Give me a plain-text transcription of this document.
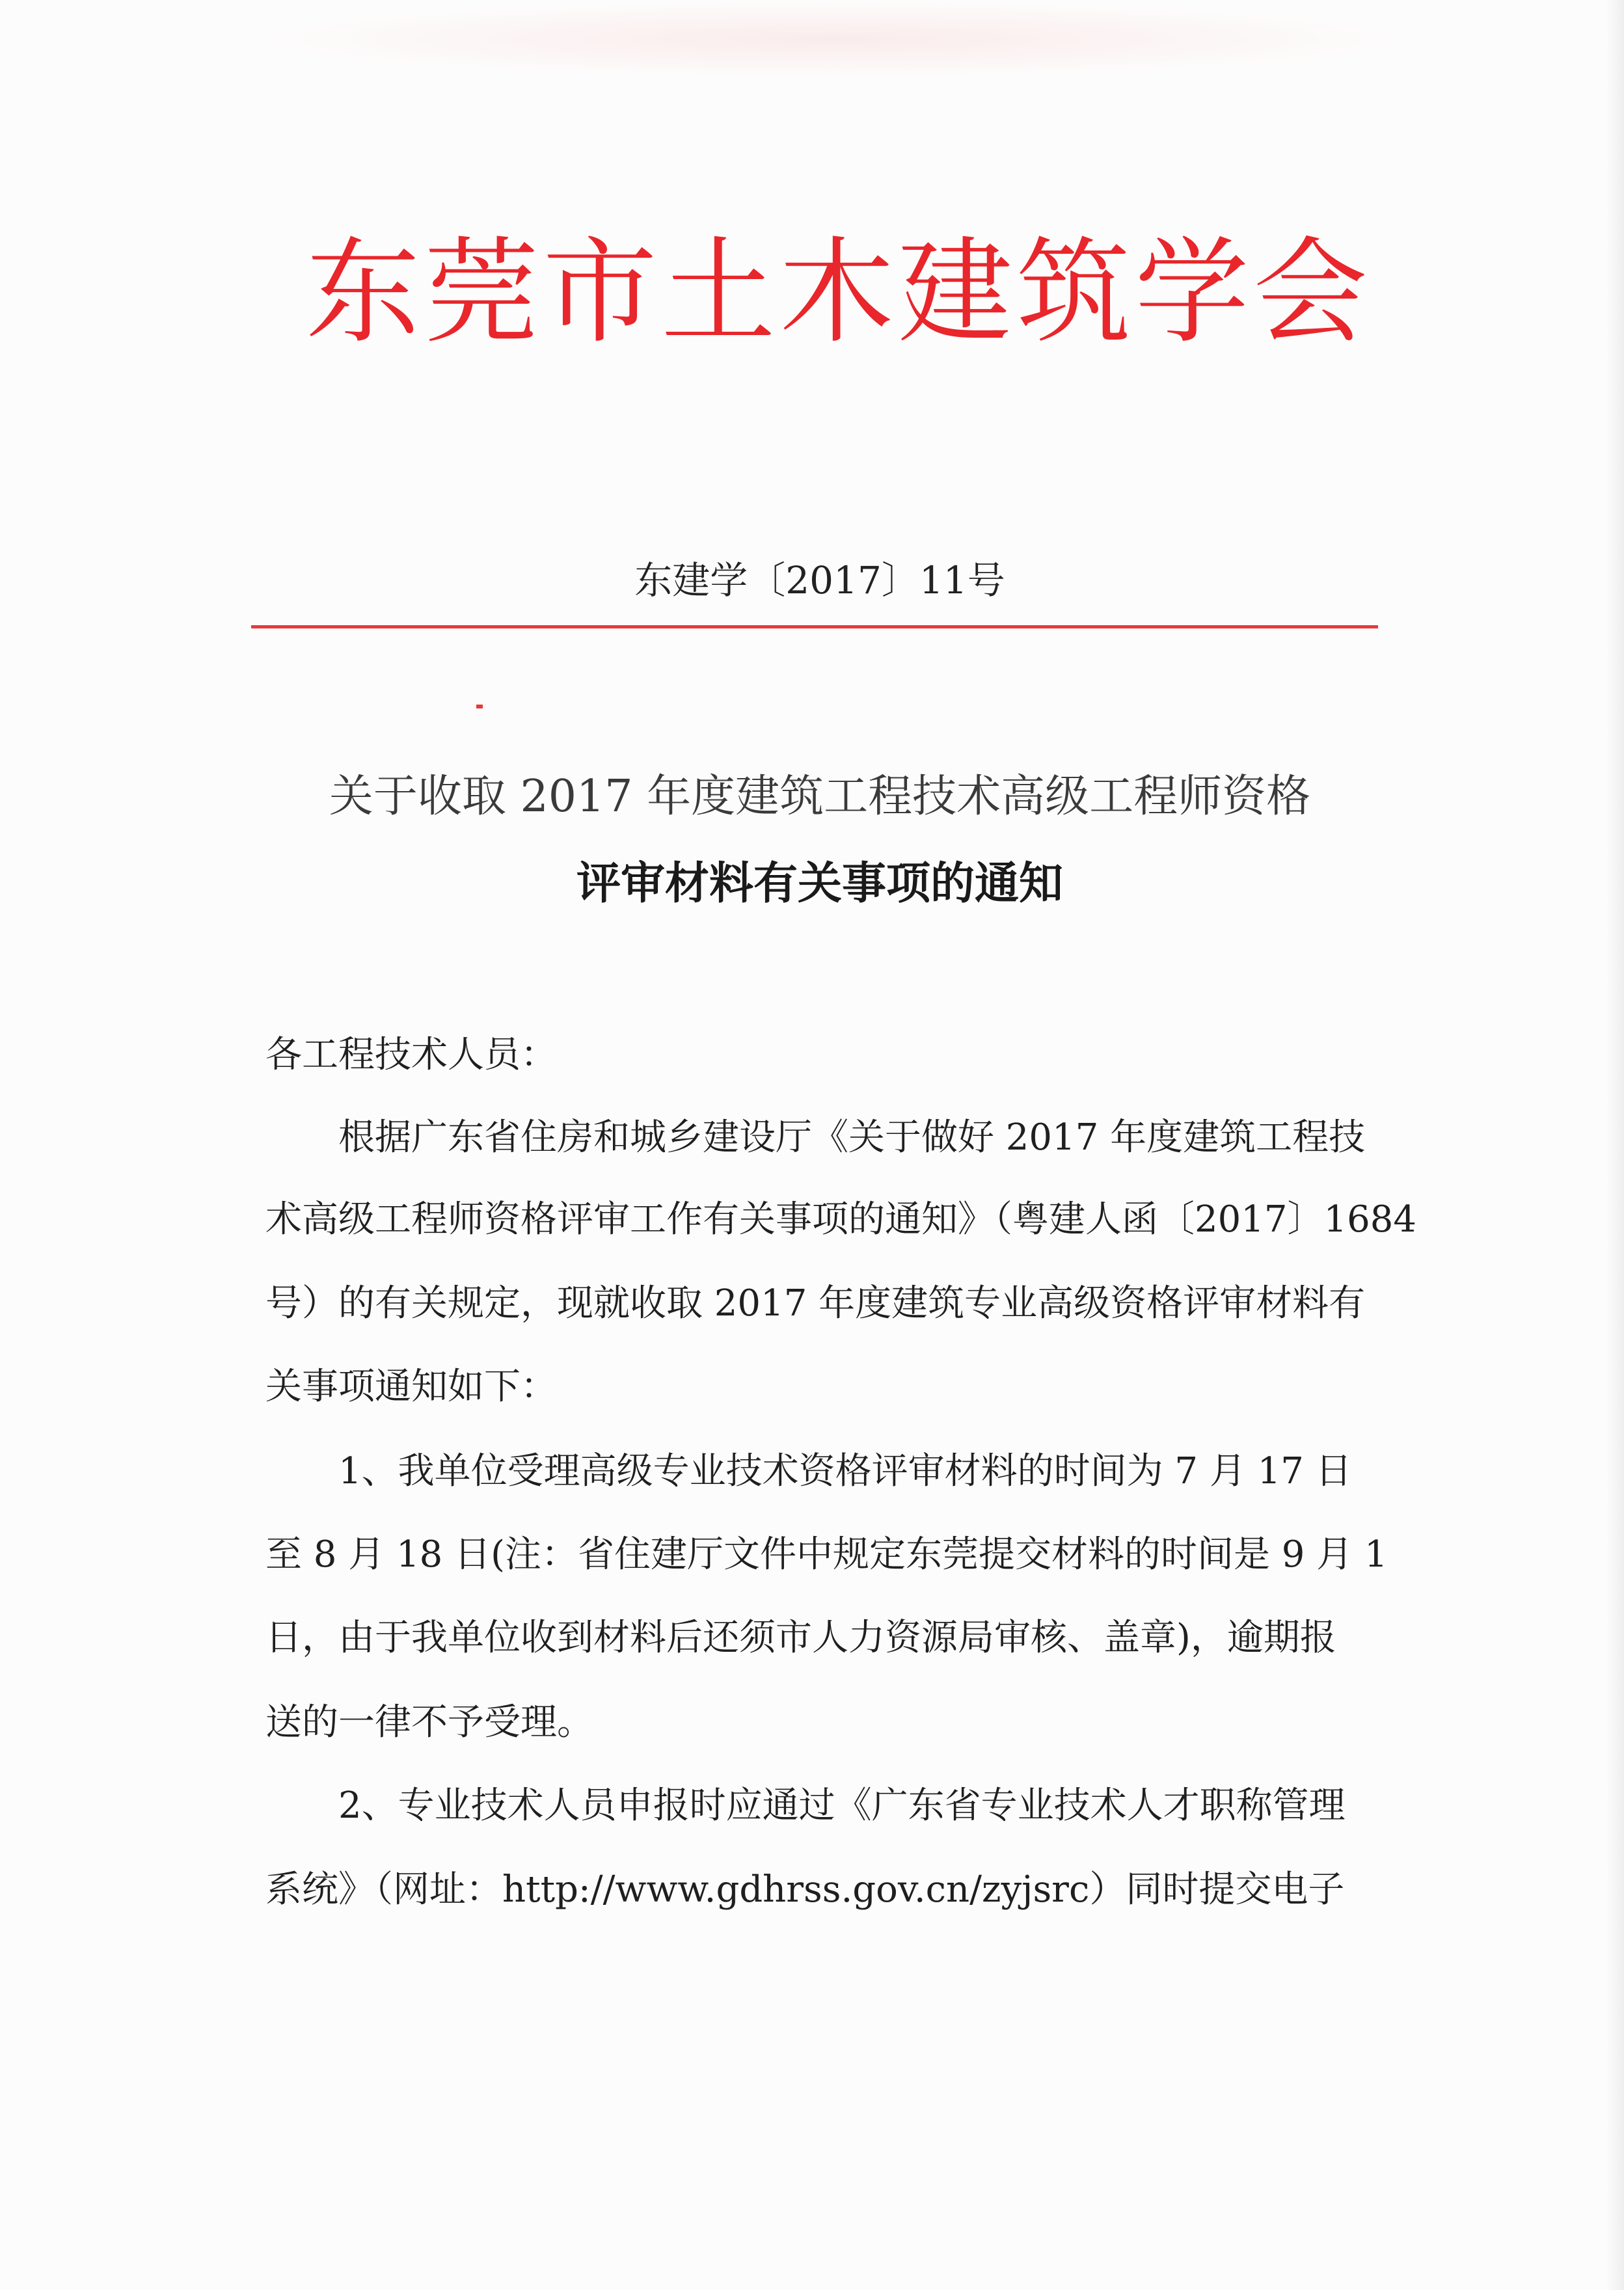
东莞市土木建筑学会
东建学〔2017〕11号
关于收取 2017 年度建筑工程技术高级工程师资格
评审材料有关事项的通知
各工程技术人员：
根据广东省住房和城乡建设厅《关于做好 2017 年度建筑工程技
术高级工程师资格评审工作有关事项的通知》（粤建人函〔2017〕1684
号）的有关规定，现就收取 2017 年度建筑专业高级资格评审材料有
关事项通知如下：
1、我单位受理高级专业技术资格评审材料的时间为 7 月 17 日
至 8 月 18 日(注：省住建厅文件中规定东莞提交材料的时间是 9 月 1
日，由于我单位收到材料后还须市人力资源局审核、盖章)，逾期报
送的一律不予受理。
2、专业技术人员申报时应通过《广东省专业技术人才职称管理
系统》（网址：http://www.gdhrss.gov.cn/zyjsrc）同时提交电子
